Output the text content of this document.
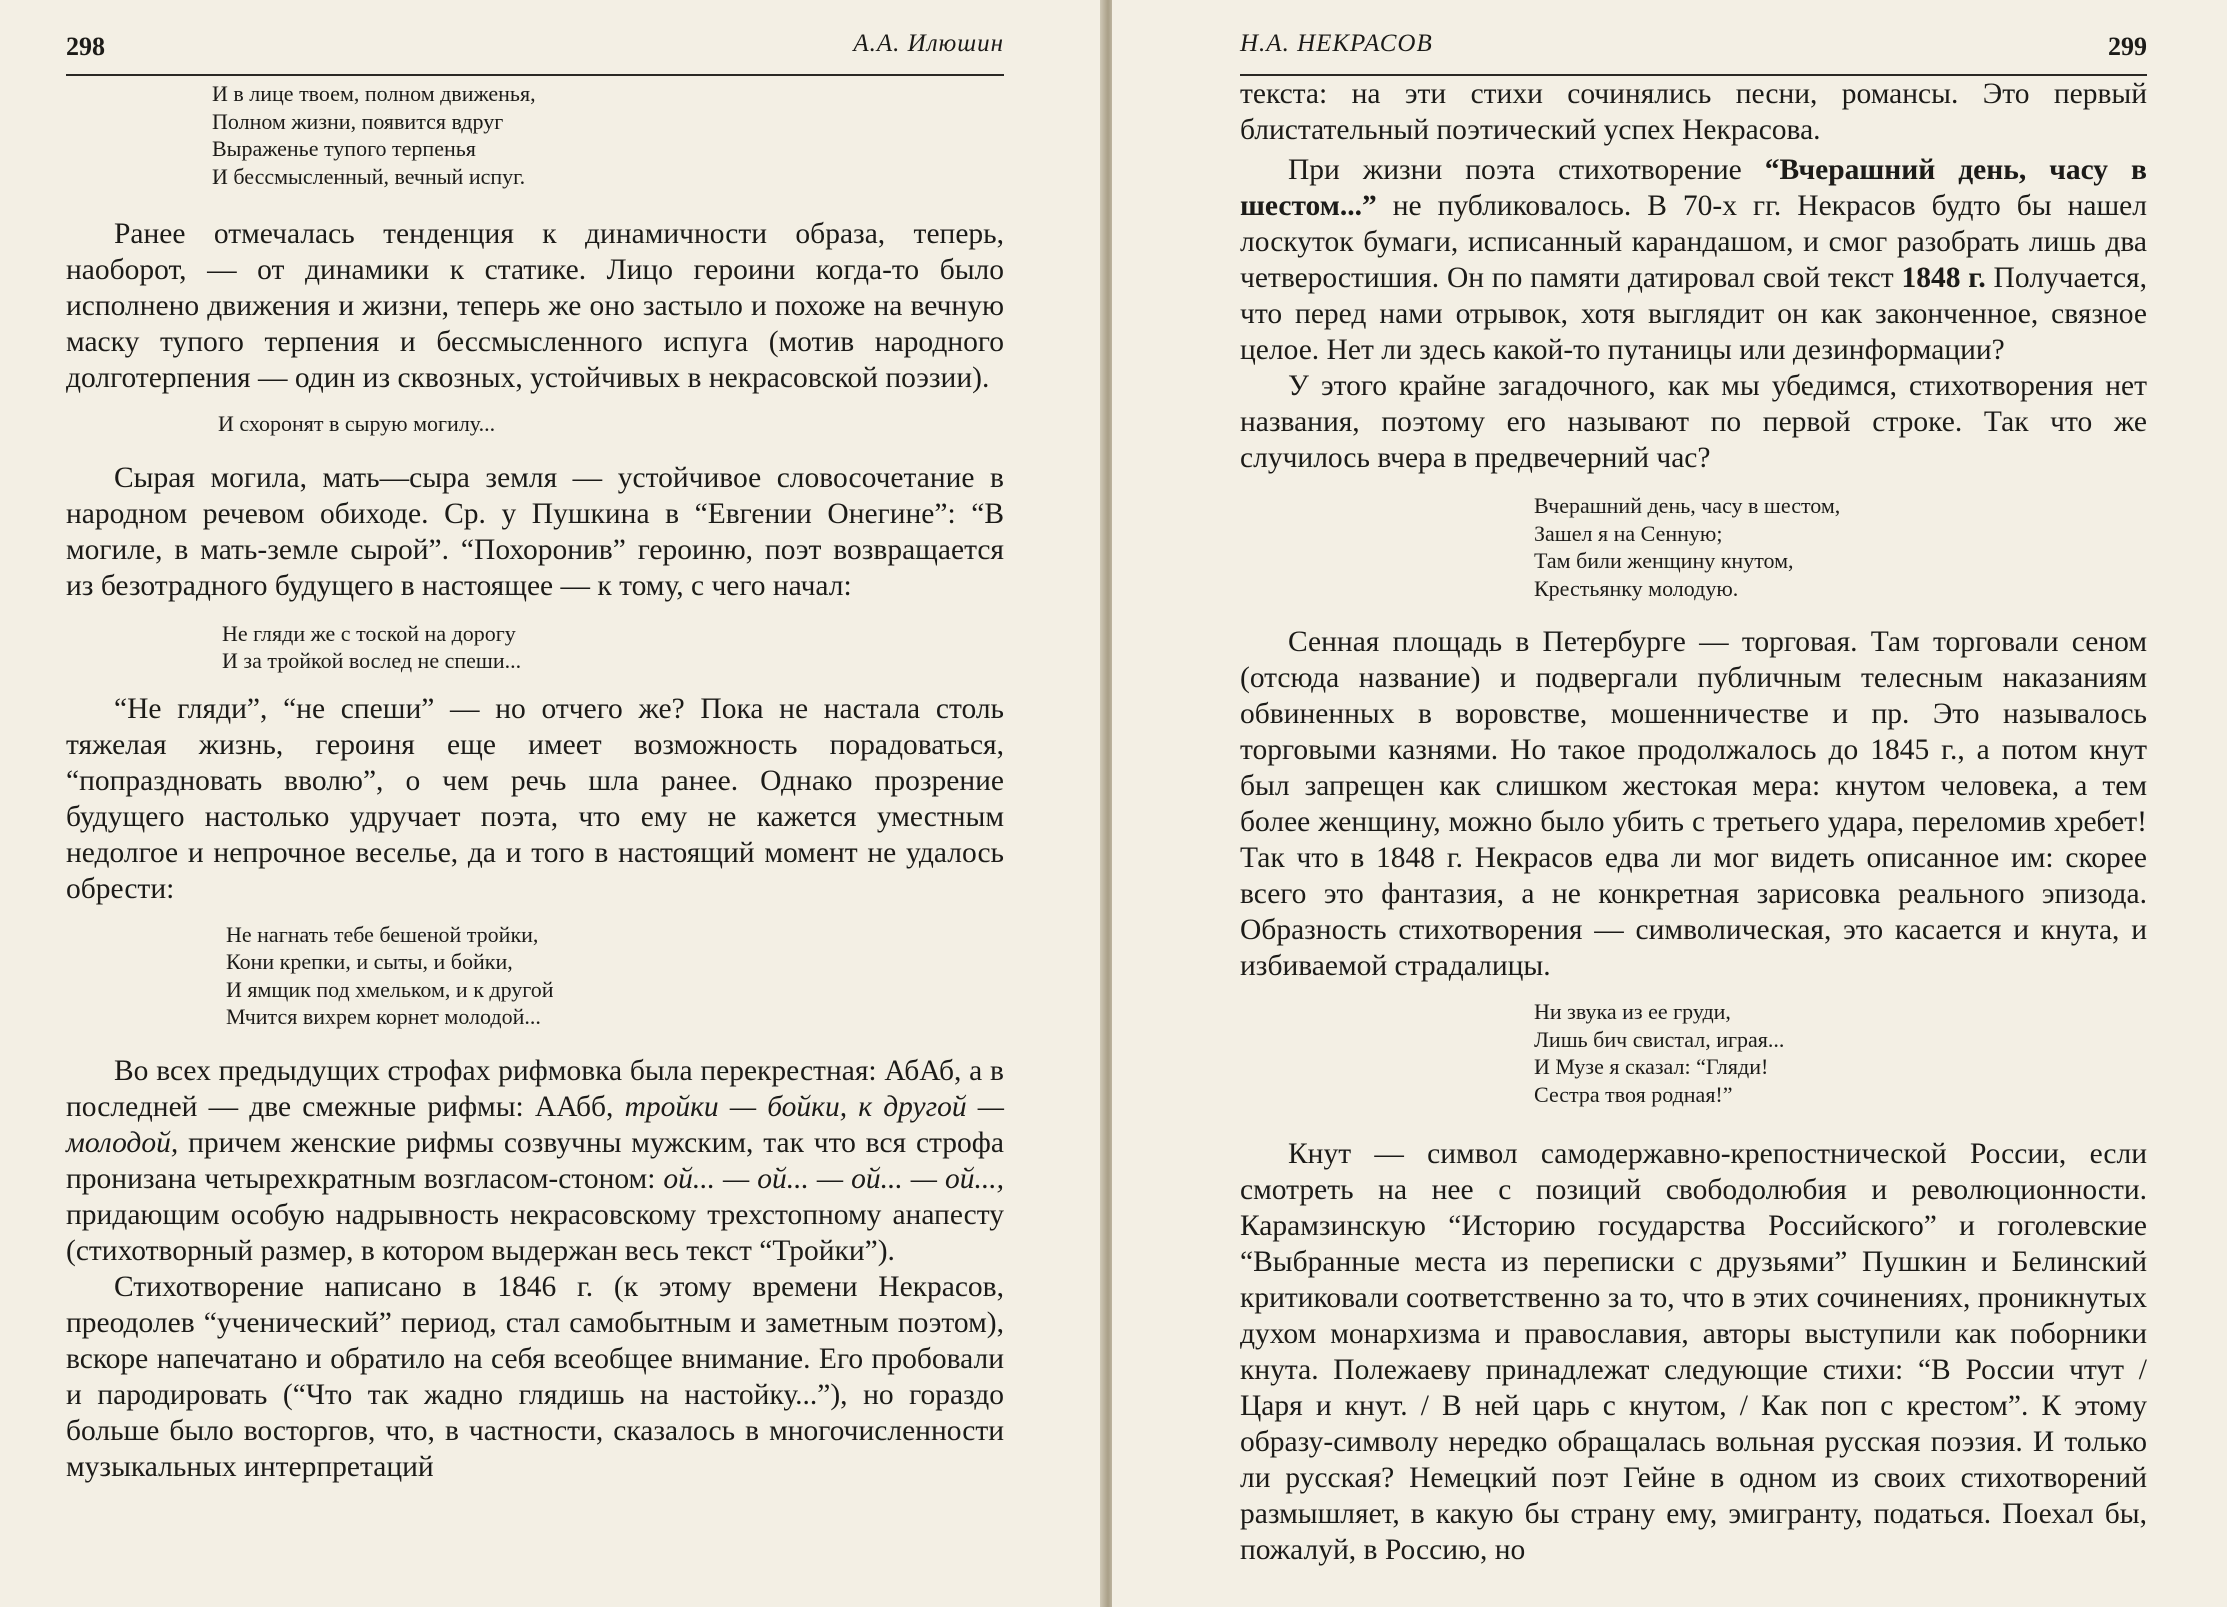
298	А.А. Илюшин
И в лице твоем, полном движенья,
Полном жизни, появится вдруг
Выраженье тупого терпенья
И бессмысленный, вечный испуг.

Ранее отмечалась тенденция к динамичности образа, теперь, наоборот, — от динамики к статике. Лицо героини когда-то было исполнено движения и жизни, теперь же оно застыло и похоже на вечную маску тупого терпения и бессмысленного испуга (мотив народного долготерпения — один из сквозных, устойчивых в некрасовской поэзии).

И схоронят в сырую могилу...

Сырая могила, мать—сыра земля — устойчивое словосочетание в народном речевом обиходе. Ср. у Пушкина в “Евгении Онегине”: “В могиле, в мать-земле сырой”. “Похоронив” героиню, поэт возвращается из безотрадного будущего в настоящее — к тому, с чего начал:

Не гляди же с тоской на дорогу
И за тройкой вослед не спеши...

“Не гляди”, “не спеши” — но отчего же? Пока не настала столь тяжелая жизнь, героиня еще имеет возможность порадоваться, “попраздновать вволю”, о чем речь шла ранее. Однако прозрение будущего настолько удручает поэта, что ему не кажется уместным недолгое и непрочное веселье, да и того в настоящий момент не удалось обрести:

Не нагнать тебе бешеной тройки,
Кони крепки, и сыты, и бойки,
И ямщик под хмельком, и к другой
Мчится вихрем корнет молодой...

Во всех предыдущих строфах рифмовка была перекрестная: АбАб, а в последней — две смежные рифмы: ААбб, тройки — бойки, к другой — молодой, причем женские рифмы созвучны мужским, так что вся строфа пронизана четырехкратным возгласом-стоном: ой... — ой... — ой... — ой..., придающим особую надрывность некрасовскому трехстопному анапесту (стихотворный размер, в котором выдержан весь текст “Тройки”).

Стихотворение написано в 1846 г. (к этому времени Некрасов, преодолев “ученический” период, стал самобытным и заметным поэтом), вскоре напечатано и обратило на себя всеобщее внимание. Его пробовали и пародировать (“Что так жадно глядишь на настойку...”), но гораздо больше было восторгов, что, в частности, сказалось в многочисленности музыкальных интерпретаций

Н.А. НЕКРАСОВ	299

текста: на эти стихи сочинялись песни, романсы. Это первый блистательный поэтический успех Некрасова.

При жизни поэта стихотворение “Вчерашний день, часу в шестом...” не публиковалось. В 70-х гг. Некрасов будто бы нашел лоскуток бумаги, исписанный карандашом, и смог разобрать лишь два четверостишия. Он по памяти датировал свой текст 1848 г. Получается, что перед нами отрывок, хотя выглядит он как законченное, связное целое. Нет ли здесь какой-то путаницы или дезинформации?

У этого крайне загадочного, как мы убедимся, стихотворения нет названия, поэтому его называют по первой строке. Так что же случилось вчера в предвечерний час?

Вчерашний день, часу в шестом,
Зашел я на Сенную;
Там били женщину кнутом,
Крестьянку молодую.

Сенная площадь в Петербурге — торговая. Там торговали сеном (отсюда название) и подвергали публичным телесным наказаниям обвиненных в воровстве, мошенничестве и пр. Это называлось торговыми казнями. Но такое продолжалось до 1845 г., а потом кнут был запрещен как слишком жестокая мера: кнутом человека, а тем более женщину, можно было убить с третьего удара, переломив хребет! Так что в 1848 г. Некрасов едва ли мог видеть описанное им: скорее всего это фантазия, а не конкретная зарисовка реального эпизода. Образность стихотворения — символическая, это касается и кнута, и избиваемой страдалицы.

Ни звука из ее груди,
Лишь бич свистал, играя...
И Музе я сказал: “Гляди!
Сестра твоя родная!”

Кнут — символ самодержавно-крепостнической России, если смотреть на нее с позиций свободолюбия и революционности. Карамзинскую “Историю государства Российского” и гоголевские “Выбранные места из переписки с друзьями” Пушкин и Белинский критиковали соответственно за то, что в этих сочинениях, проникнутых духом монархизма и православия, авторы выступили как поборники кнута. Полежаеву принадлежат следующие стихи: “В России чтут / Царя и кнут. / В ней царь с кнутом, / Как поп с крестом”. К этому образу-символу нередко обращалась вольная русская поэзия. И только ли русская? Немецкий поэт Гейне в одном из своих стихотворений размышляет, в какую бы страну ему, эмигранту, податься. Поехал бы, пожалуй, в Россию, но
